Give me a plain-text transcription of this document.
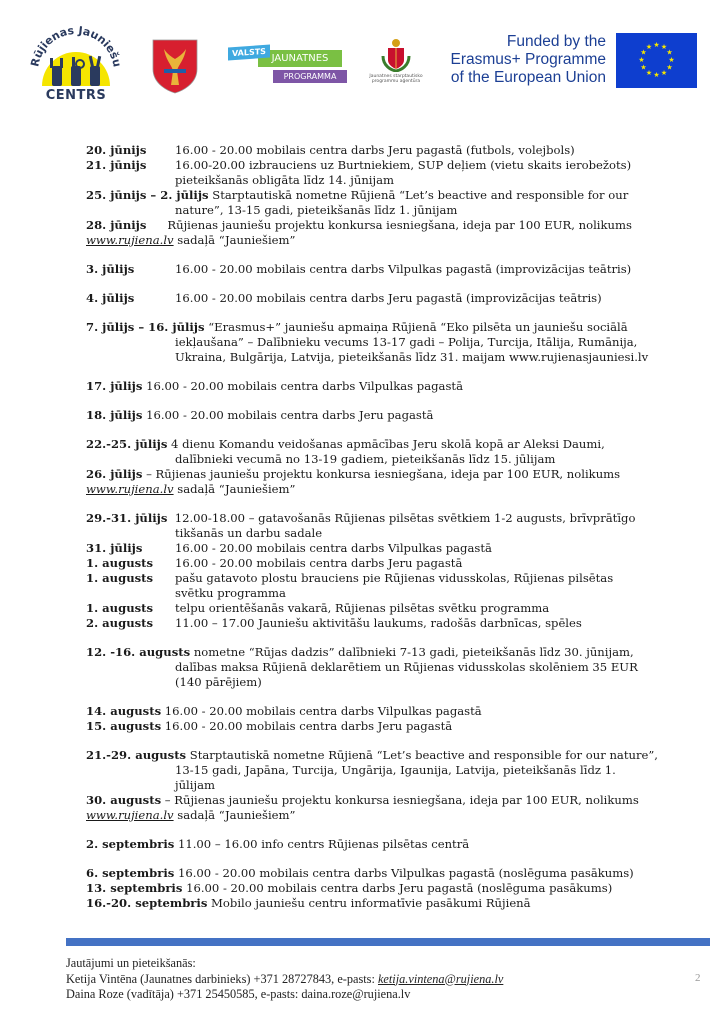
Rūjienas Jauniešu
CENTRS
JAUNATNES
VALSTS
PROGRAMMA	Jaunatnes starptautisko
programmu aģentūra
Funded by the
Erasmus+ Programme
of the European Union
★ ★
★
★
★
★
★
★
★
★
★
★
20. jūnijs 16.00 - 20.00 mobilais centra darbs Jeru pagastā (futbols, volejbols)
21. jūnijs 16.00-20.00 izbrauciens uz Burtniekiem, SUP deļiem (vietu skaits ierobežots)
pieteikšanās obligāta līdz 14. jūnijam
25. jūnijs – 2. jūlijs Starptautiskā nometne Rūjienā “Let’s beactive and responsible for our
nature”, 13-15 gadi, pieteikšanās līdz 1. jūnijam
28. jūnijs Rūjienas jauniešu projektu konkursa iesniegšana, ideja par 100 EUR, nolikums
www.rujiena.lv sadaļā “Jauniešiem”
3. jūlijs	16.00 - 20.00 mobilais centra darbs Vilpulkas pagastā (improvizācijas teātris)
4. jūlijs	16.00 - 20.00 mobilais centra darbs Jeru pagastā (improvizācijas teātris)
7. jūlijs – 16. jūlijs “Erasmus+” jauniešu apmaiņa Rūjienā “Eko pilsēta un jauniešu sociālā
iekļaušana” – Dalībnieku vecums 13-17 gadi – Polija, Turcija, Itālija, Rumānija,
Ukraina, Bulgārija, Latvija, pieteikšanās līdz 31. maijam www.rujienasjauniesi.lv
17. jūlijs 16.00 - 20.00 mobilais centra darbs Vilpulkas pagastā
18. jūlijs 16.00 - 20.00 mobilais centra darbs Jeru pagastā
22.-25. jūlijs 4 dienu Komandu veidošanas apmācības Jeru skolā kopā ar Aleksi Daumi,
dalībnieki vecumā no 13-19 gadiem, pieteikšanās līdz 15. jūlijam
26. jūlijs – Rūjienas jauniešu projektu konkursa iesniegšana, ideja par 100 EUR, nolikums
www.rujiena.lv sadaļā “Jauniešiem”
29.-31. jūlijs 12.00-18.00 – gatavošanās Rūjienas pilsētas svētkiem 1-2 augusts, brīvprātīgo
tikšanās un darbu sadale
31. jūlijs	16.00 - 20.00 mobilais centra darbs Vilpulkas pagastā
1. augusts 16.00 - 20.00 mobilais centra darbs Jeru pagastā
1. augusts pašu gatavoto plostu brauciens pie Rūjienas vidusskolas, Rūjienas pilsētas
svētku programma
1. augusts telpu orientēšanās vakarā, Rūjienas pilsētas svētku programma
2. augusts 11.00 – 17.00 Jauniešu aktivitāšu laukums, radošās darbnīcas, spēles
12. -16. augusts nometne “Rūjas dadzis” dalībnieki 7-13 gadi, pieteikšanās līdz 30. jūnijam,
dalības maksa Rūjienā deklarētiem un Rūjienas vidusskolas skolēniem 35 EUR
(140 pārējiem)
14. augusts 16.00 - 20.00 mobilais centra darbs Vilpulkas pagastā
15. augusts 16.00 - 20.00 mobilais centra darbs Jeru pagastā
21.-29. augusts Starptautiskā nometne Rūjienā “Let’s beactive and responsible for our nature”,
13-15 gadi, Japāna, Turcija, Ungārija, Igaunija, Latvija, pieteikšanās līdz 1.
jūlijam
30. augusts – Rūjienas jauniešu projektu konkursa iesniegšana, ideja par 100 EUR, nolikums
www.rujiena.lv sadaļā “Jauniešiem”
2. septembris 11.00 – 16.00 info centrs Rūjienas pilsētas centrā
6. septembris 16.00 - 20.00 mobilais centra darbs Vilpulkas pagastā (noslēguma pasākums)
13. septembris 16.00 - 20.00 mobilais centra darbs Jeru pagastā (noslēguma pasākums)
16.-20. septembris Mobilo jauniešu centru informatīvie pasākumi Rūjienā
Jautājumi un pieteikšanās:
Ketija Vintēna (Jaunatnes darbinieks) +371 28727843, e-pasts: ketija.vintena@rujiena.lv
Daina Roze (vadītāja) +371 25450585, e-pasts: daina.roze@rujiena.lv
2
